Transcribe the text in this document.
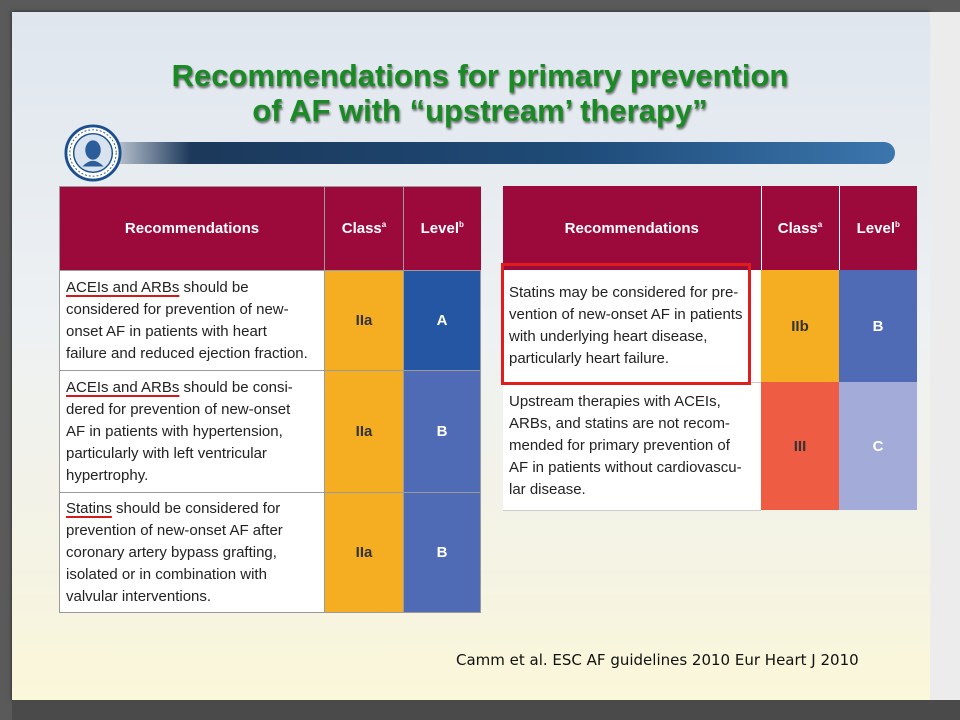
Recommendations for primary prevention
of AF with “upstream’ therapy”
Recommendations	Class$^a$	Level$^b$

ACEIs and ARBs should be
considered for prevention of new-
onset AF in patients with heart
failure and reduced ejection fraction.	IIa	A

ACEIs and ARBs should be consi-
dered for prevention of new-onset
AF in patients with hypertension,
particularly with left ventricular
hypertrophy.	IIa	B

Statins should be considered for
prevention of new-onset AF after
coronary artery bypass grafting,
isolated or in combination with
valvular interventions.	IIa	B
Recommendations	Class$^a$	Level$^b$

Statins may be considered for pre-
vention of new-onset AF in patients
with underlying heart disease,
particularly heart failure.	IIb	B

Upstream therapies with ACEIs,
ARBs, and statins are not recom-
mended for primary prevention of
AF in patients without cardiovascu-
lar disease.	III	C
Camm et al. ESC AF guidelines 2010 Eur Heart J 2010
